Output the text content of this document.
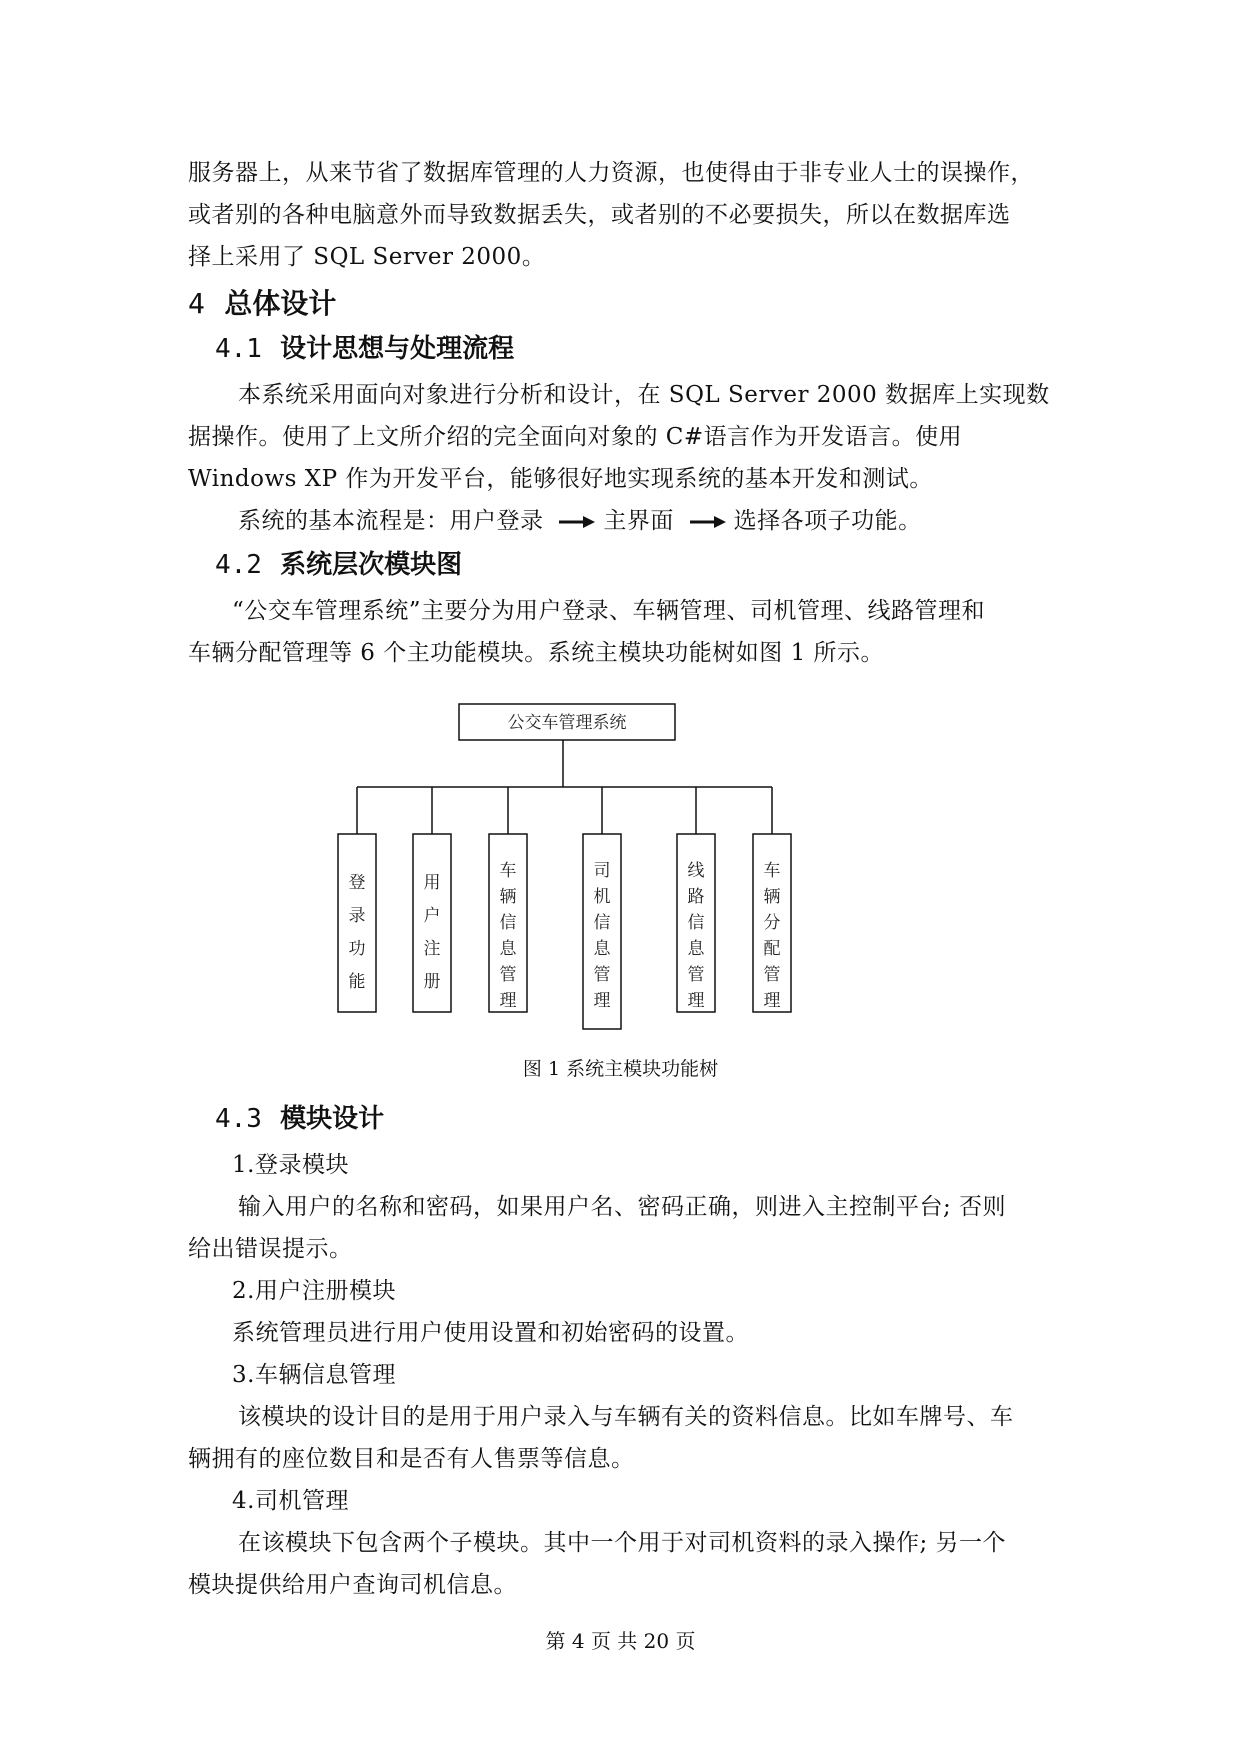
服务器上，从来节省了数据库管理的人力资源，也使得由于非专业人士的误操作，
或者别的各种电脑意外而导致数据丢失，或者别的不必要损失，所以在数据库选
择上采用了 SQL Server 2000。
4 总体设计
4.1 设计思想与处理流程
本系统采用面向对象进行分析和设计，在 SQL Server 2000 数据库上实现数
据操作。使用了上文所介绍的完全面向对象的 C#语言作为开发语言。使用
Windows XP 作为开发平台，能够很好地实现系统的基本开发和测试。
系统的基本流程是：用户登录	主界面	选择各项子功能。
4.2 系统层次模块图
“公交车管理系统”主要分为用户登录、车辆管理、司机管理、线路管理和
车辆分配管理等 6 个主功能模块。系统主模块功能树如图 1 所示。
公交车管理系统
登
录
功
能
用
户
注
册
车
辆
信
息
管
理
司
机
信
息
管
理
线
路
信
息
管
理
车
辆
分
配
管
理
图 1 系统主模块功能树
4.3 模块设计
1.登录模块
输入用户的名称和密码，如果用户名、密码正确，则进入主控制平台; 否则
给出错误提示。
2.用户注册模块
系统管理员进行用户使用设置和初始密码的设置。
3.车辆信息管理
该模块的设计目的是用于用户录入与车辆有关的资料信息。比如车牌号、车
辆拥有的座位数目和是否有人售票等信息。
4.司机管理
在该模块下包含两个子模块。其中一个用于对司机资料的录入操作; 另一个
模块提供给用户查询司机信息。
第 4 页 共 20 页
